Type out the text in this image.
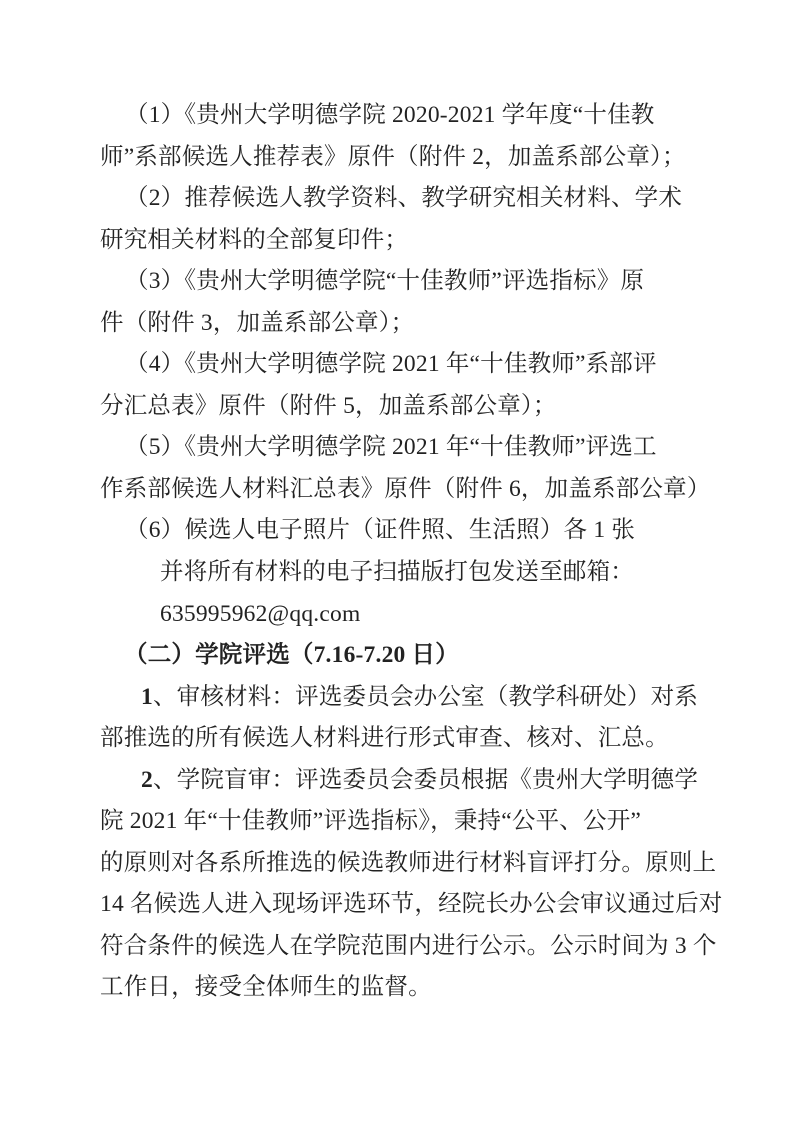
（1）《贵州大学明德学院 2020-2021 学年度“十佳教
师”系部候选人推荐表》原件（附件 2，加盖系部公章）；
（2）推荐候选人教学资料、教学研究相关材料、学术
研究相关材料的全部复印件；
（3）《贵州大学明德学院“十佳教师”评选指标》原
件（附件 3，加盖系部公章）；
（4）《贵州大学明德学院 2021 年“十佳教师”系部评
分汇总表》原件（附件 5，加盖系部公章）；
（5）《贵州大学明德学院 2021 年“十佳教师”评选工
作系部候选人材料汇总表》原件（附件 6，加盖系部公章）
（6）候选人电子照片（证件照、生活照）各 1 张
并将所有材料的电子扫描版打包发送至邮箱：
635995962@qq.com
（二）学院评选（7.16-7.20 日）
1、审核材料：评选委员会办公室（教学科研处）对系
部推选的所有候选人材料进行形式审查、核对、汇总。
2、学院盲审：评选委员会委员根据《贵州大学明德学
院 2021 年“十佳教师”评选指标》，秉持“公平、公开”
的原则对各系所推选的候选教师进行材料盲评打分。原则上
14 名候选人进入现场评选环节，经院长办公会审议通过后对
符合条件的候选人在学院范围内进行公示。公示时间为 3 个
工作日，接受全体师生的监督。
